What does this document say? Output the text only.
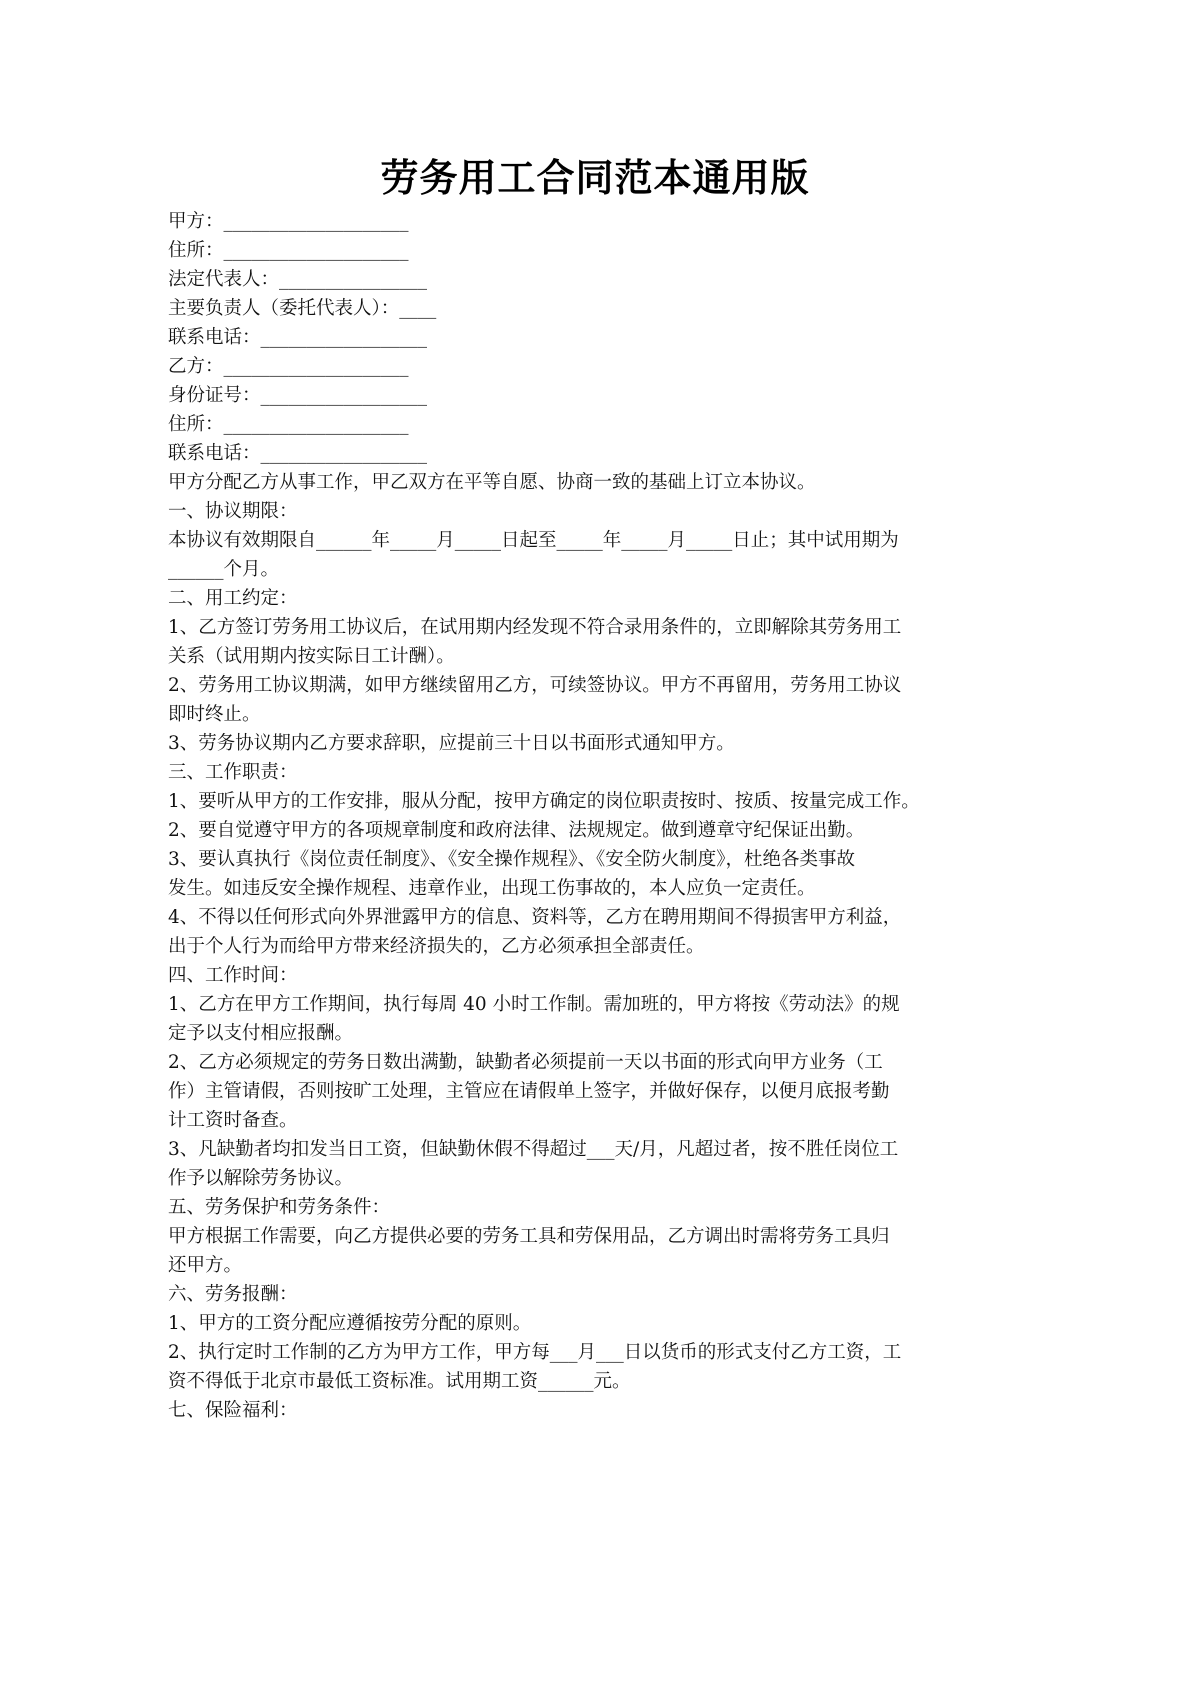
劳务用工合同范本通用版
甲方：____________________
住所：____________________
法定代表人：________________
主要负责人（委托代表人）：____
联系电话：__________________
乙方：____________________
身份证号：__________________
住所：____________________
联系电话：__________________
甲方分配乙方从事工作，甲乙双方在平等自愿、协商一致的基础上订立本协议。
一、协议期限：
本协议有效期限自______年_____月_____日起至_____年_____月_____日止；其中试用期为
______个月。
二、用工约定：
1、乙方签订劳务用工协议后，在试用期内经发现不符合录用条件的，立即解除其劳务用工
关系（试用期内按实际日工计酬）。
2、劳务用工协议期满，如甲方继续留用乙方，可续签协议。甲方不再留用，劳务用工协议
即时终止。
3、劳务协议期内乙方要求辞职，应提前三十日以书面形式通知甲方。
三、工作职责：
1、要听从甲方的工作安排，服从分配，按甲方确定的岗位职责按时、按质、按量完成工作。
2、要自觉遵守甲方的各项规章制度和政府法律、法规规定。做到遵章守纪保证出勤。
3、要认真执行《岗位责任制度》、《安全操作规程》、《安全防火制度》，杜绝各类事故
发生。如违反安全操作规程、违章作业，出现工伤事故的，本人应负一定责任。
4、不得以任何形式向外界泄露甲方的信息、资料等，乙方在聘用期间不得损害甲方利益，
出于个人行为而给甲方带来经济损失的，乙方必须承担全部责任。
四、工作时间：
1、乙方在甲方工作期间，执行每周 40 小时工作制。需加班的，甲方将按《劳动法》的规
定予以支付相应报酬。
2、乙方必须规定的劳务日数出满勤，缺勤者必须提前一天以书面的形式向甲方业务（工
作）主管请假，否则按旷工处理，主管应在请假单上签字，并做好保存，以便月底报考勤
计工资时备查。
3、凡缺勤者均扣发当日工资，但缺勤休假不得超过___天/月，凡超过者，按不胜任岗位工
作予以解除劳务协议。
五、劳务保护和劳务条件：
甲方根据工作需要，向乙方提供必要的劳务工具和劳保用品，乙方调出时需将劳务工具归
还甲方。
六、劳务报酬：
1、甲方的工资分配应遵循按劳分配的原则。
2、执行定时工作制的乙方为甲方工作，甲方每___月___日以货币的形式支付乙方工资，工
资不得低于北京市最低工资标准。试用期工资______元。
七、保险福利：
